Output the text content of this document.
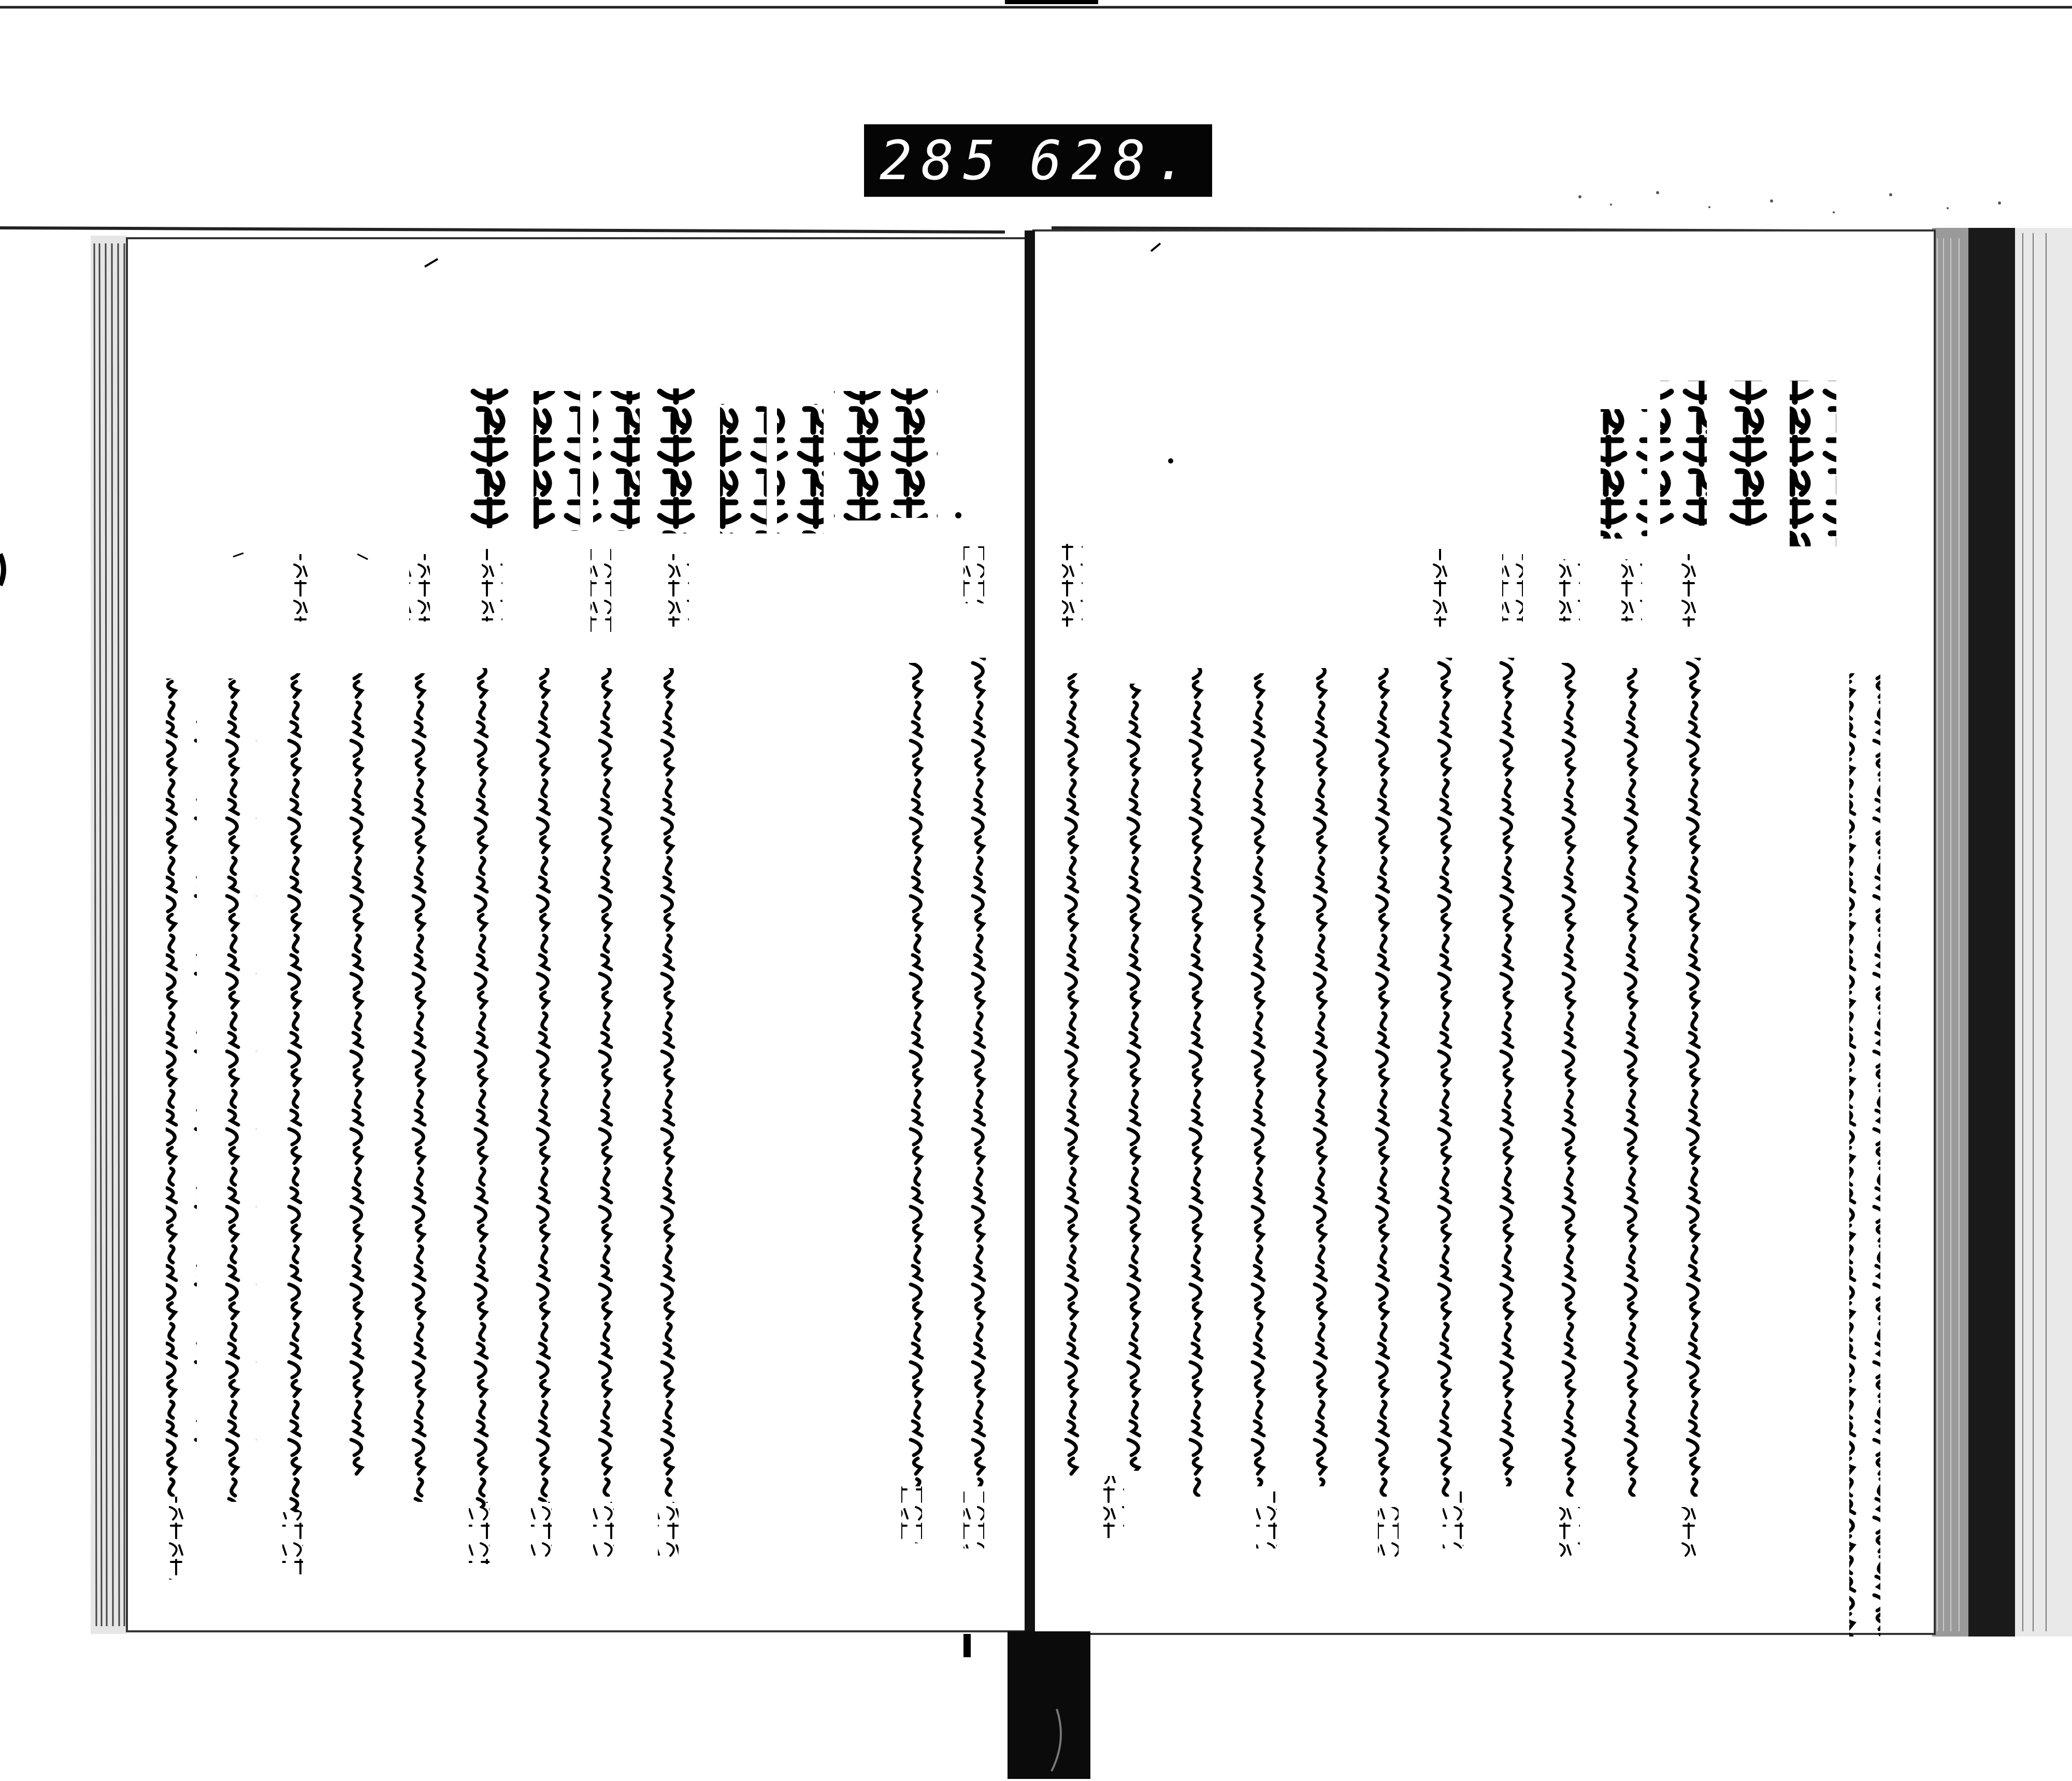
285 628.
